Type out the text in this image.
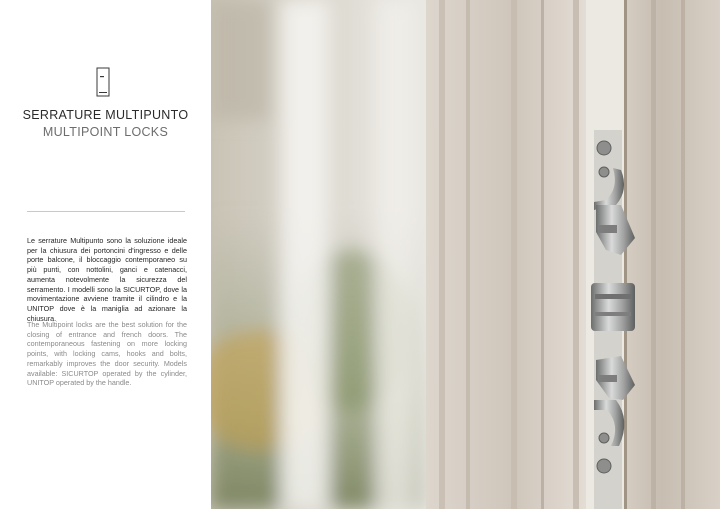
SERRATURE MULTIPUNTO
MULTIPOINT LOCKS

Le serrature Multipunto sono la soluzione ideale per la chiusura dei portoncini d'ingresso e delle porte balcone, il bloccaggio contemporaneo su più punti, con nottolini, ganci e catenacci, aumenta notevolmente la sicurezza del serramento. I modelli sono la SICURTOP, dove la movimentazione avviene tramite il cilindro e la UNITOP dove è la maniglia ad azionare la chiusura.

The Multipoint locks are the best solution for the closing of entrance and french doors. The contemporaneous fastening on more locking points, with locking cams, hooks and bolts, remarkably improves the door security. Models available: SICURTOP operated by the cylinder, UNITOP operated by the handle.
